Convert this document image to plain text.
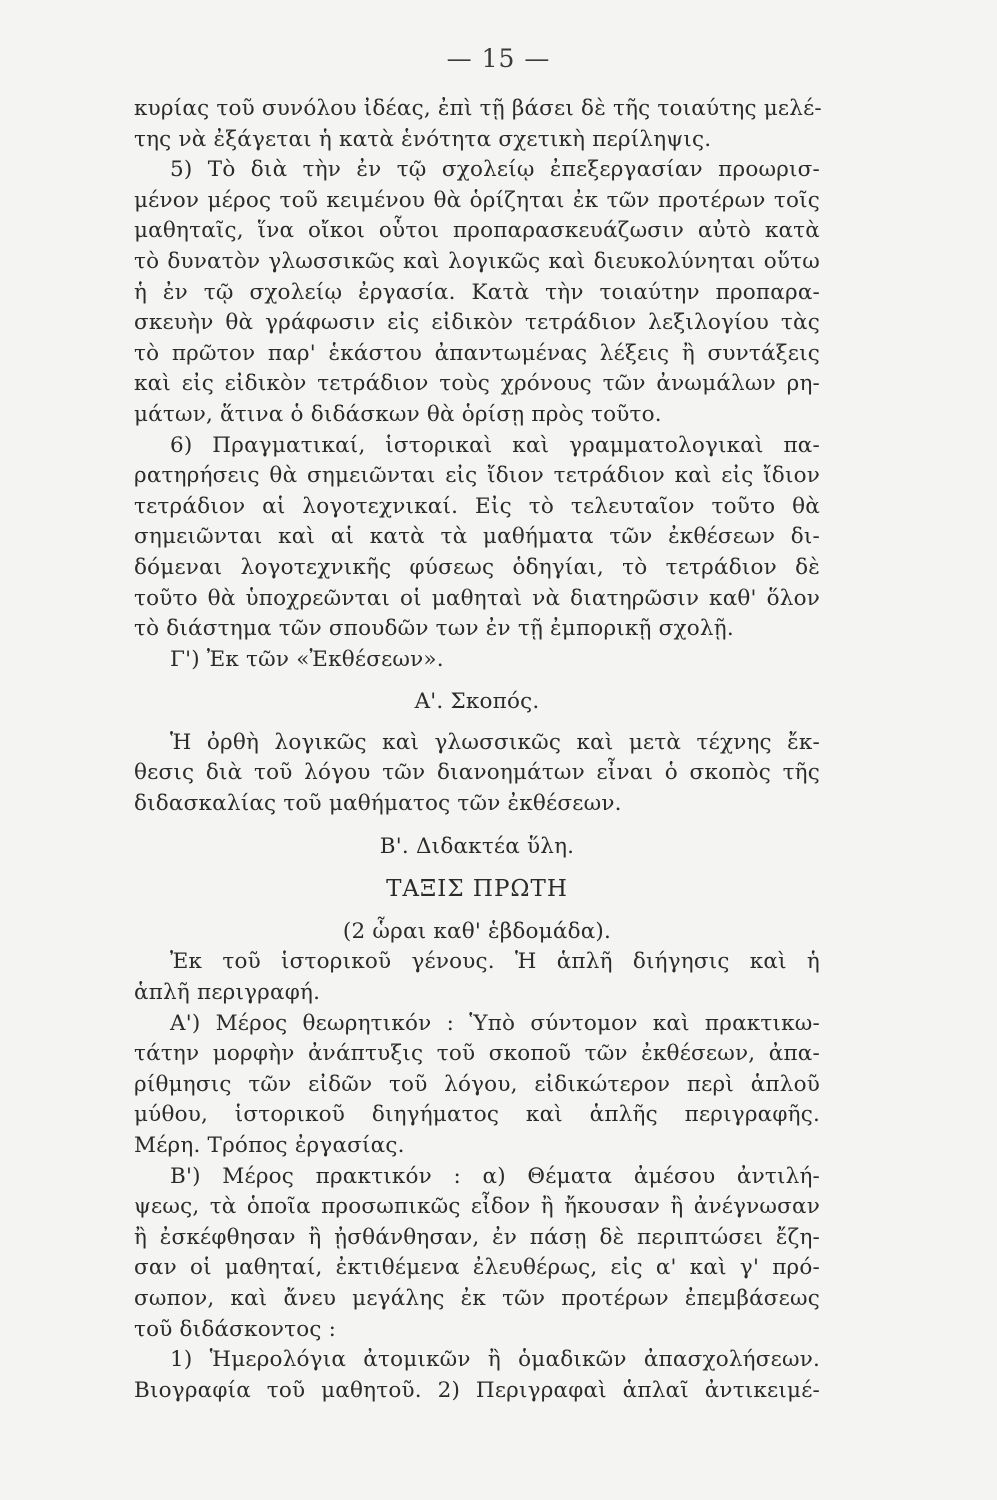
— 15 —
κυρίας τοῦ συνόλου ἰδέας, ἐπὶ τῇ βάσει δὲ τῆς τοιαύτης μελέ-
της νὰ ἐξάγεται ἡ κατὰ ἑνότητα σχετικὴ περίληψις.
5) Τὸ διὰ τὴν ἐν τῷ σχολείῳ ἐπεξεργασίαν προωρισ-
μένον μέρος τοῦ κειμένου θὰ ὁρίζηται ἐκ τῶν προτέρων τοῖς
μαθηταῖς, ἵνα οἴκοι οὗτοι προπαρασκευάζωσιν αὐτὸ κατὰ
τὸ δυνατὸν γλωσσικῶς καὶ λογικῶς καὶ διευκολύνηται οὕτω
ἡ ἐν τῷ σχολείῳ ἐργασία. Κατὰ τὴν τοιαύτην προπαρα-
σκευὴν θὰ γράφωσιν εἰς εἰδικὸν τετράδιον λεξιλογίου τὰς
τὸ πρῶτον παρ' ἑκάστου ἀπαντωμένας λέξεις ἢ συντάξεις
καὶ εἰς εἰδικὸν τετράδιον τοὺς χρόνους τῶν ἀνωμάλων ρη-
μάτων, ἅτινα ὁ διδάσκων θὰ ὁρίσῃ πρὸς τοῦτο.
6) Πραγματικαί, ἱστορικαὶ καὶ γραμματολογικαὶ πα-
ρατηρήσεις θὰ σημειῶνται εἰς ἴδιον τετράδιον καὶ εἰς ἴδιον
τετράδιον αἱ λογοτεχνικαί. Εἰς τὸ τελευταῖον τοῦτο θὰ
σημειῶνται καὶ αἱ κατὰ τὰ μαθήματα τῶν ἐκθέσεων δι-
δόμεναι λογοτεχνικῆς φύσεως ὁδηγίαι, τὸ τετράδιον δὲ
τοῦτο θὰ ὑποχρεῶνται οἱ μαθηταὶ νὰ διατηρῶσιν καθ' ὅλον
τὸ διάστημα τῶν σπουδῶν των ἐν τῇ ἐμπορικῇ σχολῇ.
Γ') Ἐκ τῶν «Ἐκθέσεων».
Α'. Σκοπός.
Ἡ ὀρθὴ λογικῶς καὶ γλωσσικῶς καὶ μετὰ τέχνης ἔκ-
θεσις διὰ τοῦ λόγου τῶν διανοημάτων εἶναι ὁ σκοπὸς τῆς
διδασκαλίας τοῦ μαθήματος τῶν ἐκθέσεων.
Β'. Διδακτέα ὕλη.
ΤΑΞΙΣ ΠΡΩΤΗ
(2 ὧραι καθ' ἑβδομάδα).
Ἐκ τοῦ ἱστορικοῦ γένους. Ἡ ἁπλῆ διήγησις καὶ ἡ
ἁπλῆ περιγραφή.
Α') Μέρος θεωρητικόν : Ὑπὸ σύντομον καὶ πρακτικω-
τάτην μορφὴν ἀνάπτυξις τοῦ σκοποῦ τῶν ἐκθέσεων, ἀπα-
ρίθμησις τῶν εἰδῶν τοῦ λόγου, εἰδικώτερον περὶ ἁπλοῦ
μύθου, ἱστορικοῦ διηγήματος καὶ ἁπλῆς περιγραφῆς.
Μέρη. Τρόπος ἐργασίας.
Β') Μέρος πρακτικόν : α) Θέματα ἀμέσου ἀντιλή-
ψεως, τὰ ὁποῖα προσωπικῶς εἶδον ἢ ἤκουσαν ἢ ἀνέγνωσαν
ἢ ἐσκέφθησαν ἢ ᾐσθάνθησαν, ἐν πάσῃ δὲ περιπτώσει ἔζη-
σαν οἱ μαθηταί, ἐκτιθέμενα ἐλευθέρως, εἰς α' καὶ γ' πρό-
σωπον, καὶ ἄνευ μεγάλης ἐκ τῶν προτέρων ἐπεμβάσεως
τοῦ διδάσκοντος :
1) Ἡμερολόγια ἀτομικῶν ἢ ὁμαδικῶν ἀπασχολήσεων.
Βιογραφία τοῦ μαθητοῦ. 2) Περιγραφαὶ ἁπλαῖ ἀντικειμέ-
